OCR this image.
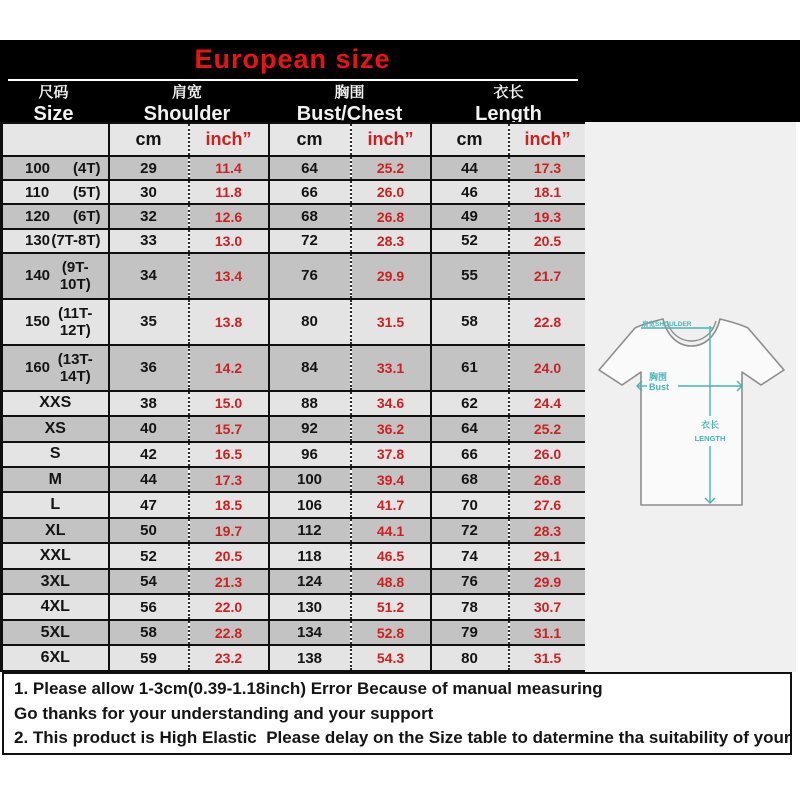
European size
尺码
Size
肩宽
Shoulder
胸围
Bust/Chest
衣长
Length
	cm	inch”	cm	inch”	cm	inch”

100 (4T)	29	11.4	64	25.2	44	17.3

110 (5T)	30	11.8	66	26.0	46	18.1

120 (6T)	32	12.6	68	26.8	49	19.3

130 (7T-8T)	33	13.0	72	28.3	52	20.5

140 (9T-10T)	34	13.4	76	29.9	55	21.7

150 (11T-12T)	35	13.8	80	31.5	58	22.8

160 (13T-14T)	36	14.2	84	33.1	61	24.0
XXS	38	15.0	88	34.6	62	24.4
XS	40	15.7	92	36.2	64	25.2
S	42	16.5	96	37.8	66	26.0
M	44	17.3	100	39.4	68	26.8
L	47	18.5	106	41.7	70	27.6
XL	50	19.7	112	44.1	72	28.3
XXL	52	20.5	118	46.5	74	29.1
3XL	54	21.3	124	48.8	76	29.9
4XL	56	22.0	130	51.2	78	30.7
5XL	58	22.8	134	52.8	79	31.1
6XL	59	23.2	138	54.3	80	31.5
肩宽SHOULDER
胸围
Bust
衣长
LENGTH
1. Please allow 1-3cm(0.39-1.18inch) Error Because of manual measuring
Go thanks for your understanding and your support
2. This product is High Elastic  Please delay on the Size table to datermine tha suitability of your
